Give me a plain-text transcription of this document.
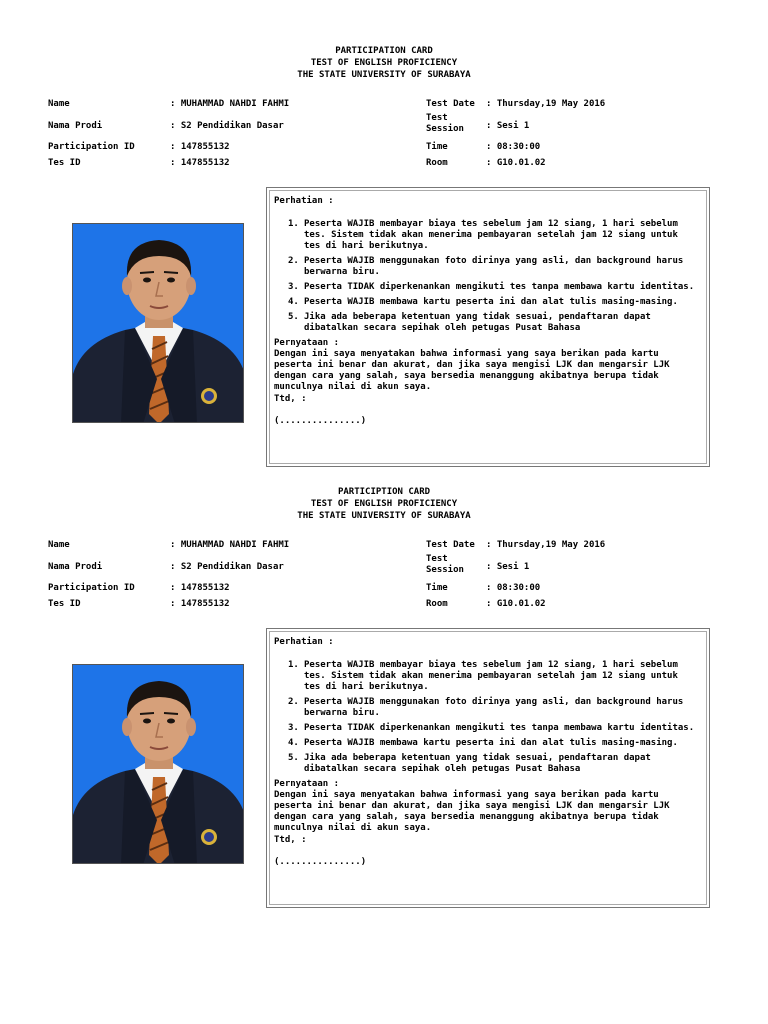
PARTICIPATION CARD
TEST OF ENGLISH PROFICIENCY
THE STATE UNIVERSITY OF SURABAYA
Name	: MUHAMMAD NAHDI FAHMI
Nama Prodi	: S2 Pendidikan Dasar
Participation ID	: 147855132
Tes ID	: 147855132
Test Date : Thursday,19 May 2016
Test
Session : Sesi 1
Time	: 08:30:00
Room	: G10.01.02
Perhatian :
1. Peserta WAJIB membayar biaya tes sebelum jam 12 siang, 1 hari sebelum tes. Sistem tidak akan menerima pembayaran setelah jam 12 siang untuk tes di hari berikutnya.
2. Peserta WAJIB menggunakan foto dirinya yang asli, dan background harus berwarna biru.
3. Peserta TIDAK diperkenankan mengikuti tes tanpa membawa kartu identitas.
4. Peserta WAJIB membawa kartu peserta ini dan alat tulis masing-masing.
5. Jika ada beberapa ketentuan yang tidak sesuai, pendaftaran dapat dibatalkan secara sepihak oleh petugas Pusat Bahasa
Pernyataan :
Dengan ini saya menyatakan bahwa informasi yang saya berikan pada kartu peserta ini benar dan akurat, dan jika saya mengisi LJK dan mengarsir LJK dengan cara yang salah, saya bersedia menanggung akibatnya berupa tidak munculnya nilai di akun saya.
Ttd, :
(...............)
PARTICIPTION CARD
TEST OF ENGLISH PROFICIENCY
THE STATE UNIVERSITY OF SURABAYA
Name	: MUHAMMAD NAHDI FAHMI
Nama Prodi	: S2 Pendidikan Dasar
Participation ID	: 147855132
Tes ID	: 147855132
Test Date : Thursday,19 May 2016
Test
Session : Sesi 1
Time	: 08:30:00
Room	: G10.01.02
Perhatian :
1. Peserta WAJIB membayar biaya tes sebelum jam 12 siang, 1 hari sebelum tes. Sistem tidak akan menerima pembayaran setelah jam 12 siang untuk tes di hari berikutnya.
2. Peserta WAJIB menggunakan foto dirinya yang asli, dan background harus berwarna biru.
3. Peserta TIDAK diperkenankan mengikuti tes tanpa membawa kartu identitas.
4. Peserta WAJIB membawa kartu peserta ini dan alat tulis masing-masing.
5. Jika ada beberapa ketentuan yang tidak sesuai, pendaftaran dapat dibatalkan secara sepihak oleh petugas Pusat Bahasa
Pernyataan :
Dengan ini saya menyatakan bahwa informasi yang saya berikan pada kartu peserta ini benar dan akurat, dan jika saya mengisi LJK dan mengarsir LJK dengan cara yang salah, saya bersedia menanggung akibatnya berupa tidak munculnya nilai di akun saya.
Ttd, :
(...............)
